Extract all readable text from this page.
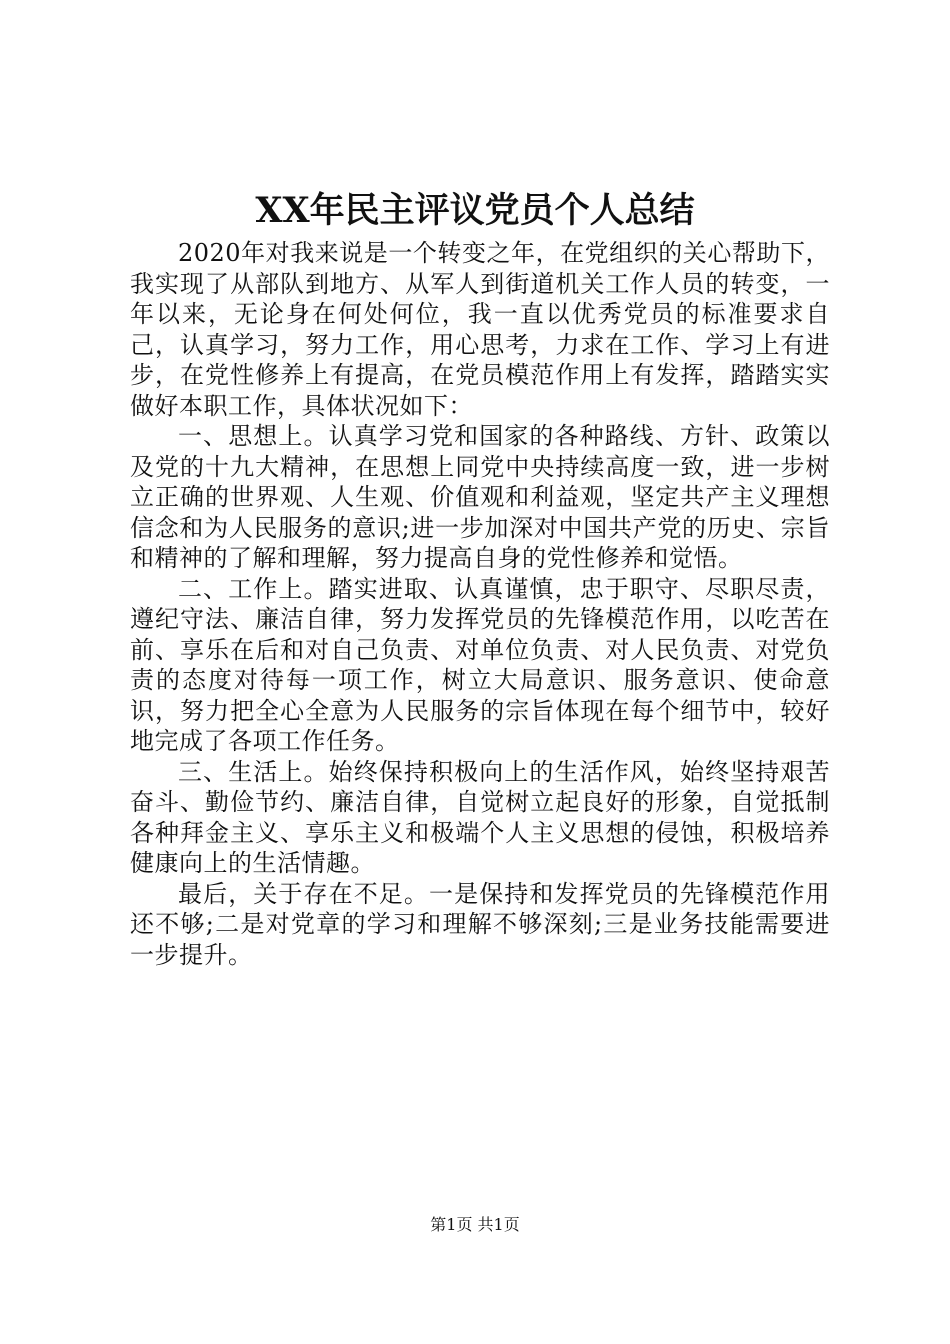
XX年民主评议党员个人总结

2020年对我来说是一个转变之年，在党组织的关心帮助下，我实现了从部队到地方、从军人到街道机关工作人员的转变，一年以来，无论身在何处何位，我一直以优秀党员的标准要求自己，认真学习，努力工作，用心思考，力求在工作、学习上有进步，在党性修养上有提高，在党员模范作用上有发挥，踏踏实实做好本职工作，具体状况如下：

一、思想上。认真学习党和国家的各种路线、方针、政策以及党的十九大精神，在思想上同党中央持续高度一致，进一步树立正确的世界观、人生观、价值观和利益观，坚定共产主义理想信念和为人民服务的意识;进一步加深对中国共产党的历史、宗旨和精神的了解和理解，努力提高自身的党性修养和觉悟。

二、工作上。踏实进取、认真谨慎，忠于职守、尽职尽责，遵纪守法、廉洁自律，努力发挥党员的先锋模范作用，以吃苦在前、享乐在后和对自己负责、对单位负责、对人民负责、对党负责的态度对待每一项工作，树立大局意识、服务意识、使命意识，努力把全心全意为人民服务的宗旨体现在每个细节中，较好地完成了各项工作任务。

三、生活上。始终保持积极向上的生活作风，始终坚持艰苦奋斗、勤俭节约、廉洁自律，自觉树立起良好的形象，自觉抵制各种拜金主义、享乐主义和极端个人主义思想的侵蚀，积极培养健康向上的生活情趣。

最后，关于存在不足。一是保持和发挥党员的先锋模范作用还不够;二是对党章的学习和理解不够深刻;三是业务技能需要进一步提升。

第1页 共1页
